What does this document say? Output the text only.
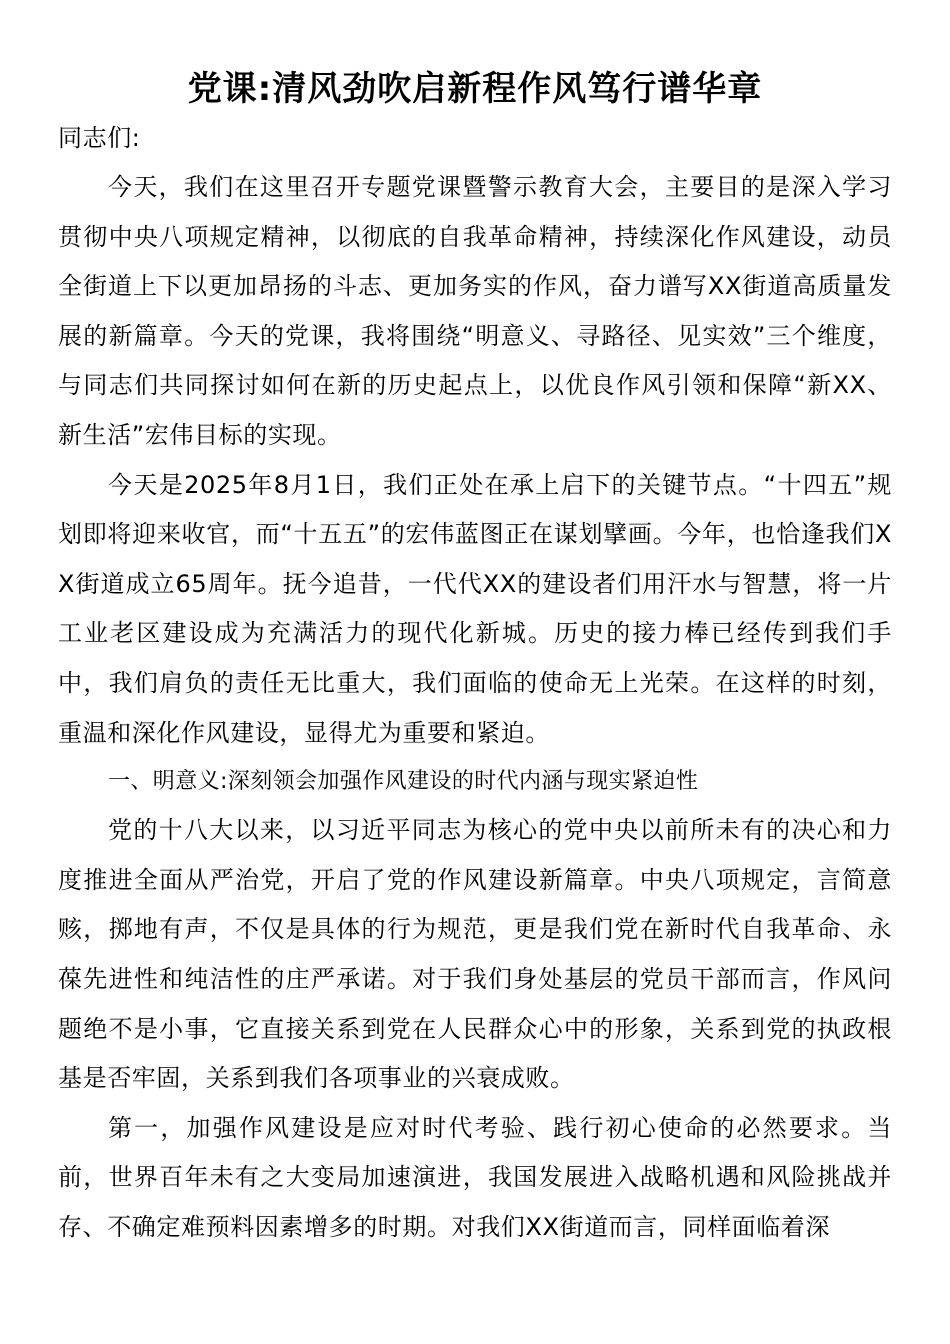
党课:清风劲吹启新程作风笃行谱华章

同志们:

今天，我们在这里召开专题党课暨警示教育大会，主要目的是深入学习贯彻中央八项规定精神，以彻底的自我革命精神，持续深化作风建设，动员全街道上下以更加昂扬的斗志、更加务实的作风，奋力谱写XX街道高质量发展的新篇章。今天的党课，我将围绕“明意义、寻路径、见实效”三个维度，与同志们共同探讨如何在新的历史起点上，以优良作风引领和保障“新XX、新生活”宏伟目标的实现。

今天是2025年8月1日，我们正处在承上启下的关键节点。“十四五”规划即将迎来收官，而“十五五”的宏伟蓝图正在谋划擘画。今年，也恰逢我们XX街道成立65周年。抚今追昔，一代代XX的建设者们用汗水与智慧，将一片工业老区建设成为充满活力的现代化新城。历史的接力棒已经传到我们手中，我们肩负的责任无比重大，我们面临的使命无上光荣。在这样的时刻，重温和深化作风建设，显得尤为重要和紧迫。

一、明意义:深刻领会加强作风建设的时代内涵与现实紧迫性

党的十八大以来，以习近平同志为核心的党中央以前所未有的决心和力度推进全面从严治党，开启了党的作风建设新篇章。中央八项规定，言简意赅，掷地有声，不仅是具体的行为规范，更是我们党在新时代自我革命、永葆先进性和纯洁性的庄严承诺。对于我们身处基层的党员干部而言，作风问题绝不是小事，它直接关系到党在人民群众心中的形象，关系到党的执政根基是否牢固，关系到我们各项事业的兴衰成败。

第一，加强作风建设是应对时代考验、践行初心使命的必然要求。当前，世界百年未有之大变局加速演进，我国发展进入战略机遇和风险挑战并存、不确定难预料因素增多的时期。对我们XX街道而言，同样面临着深
